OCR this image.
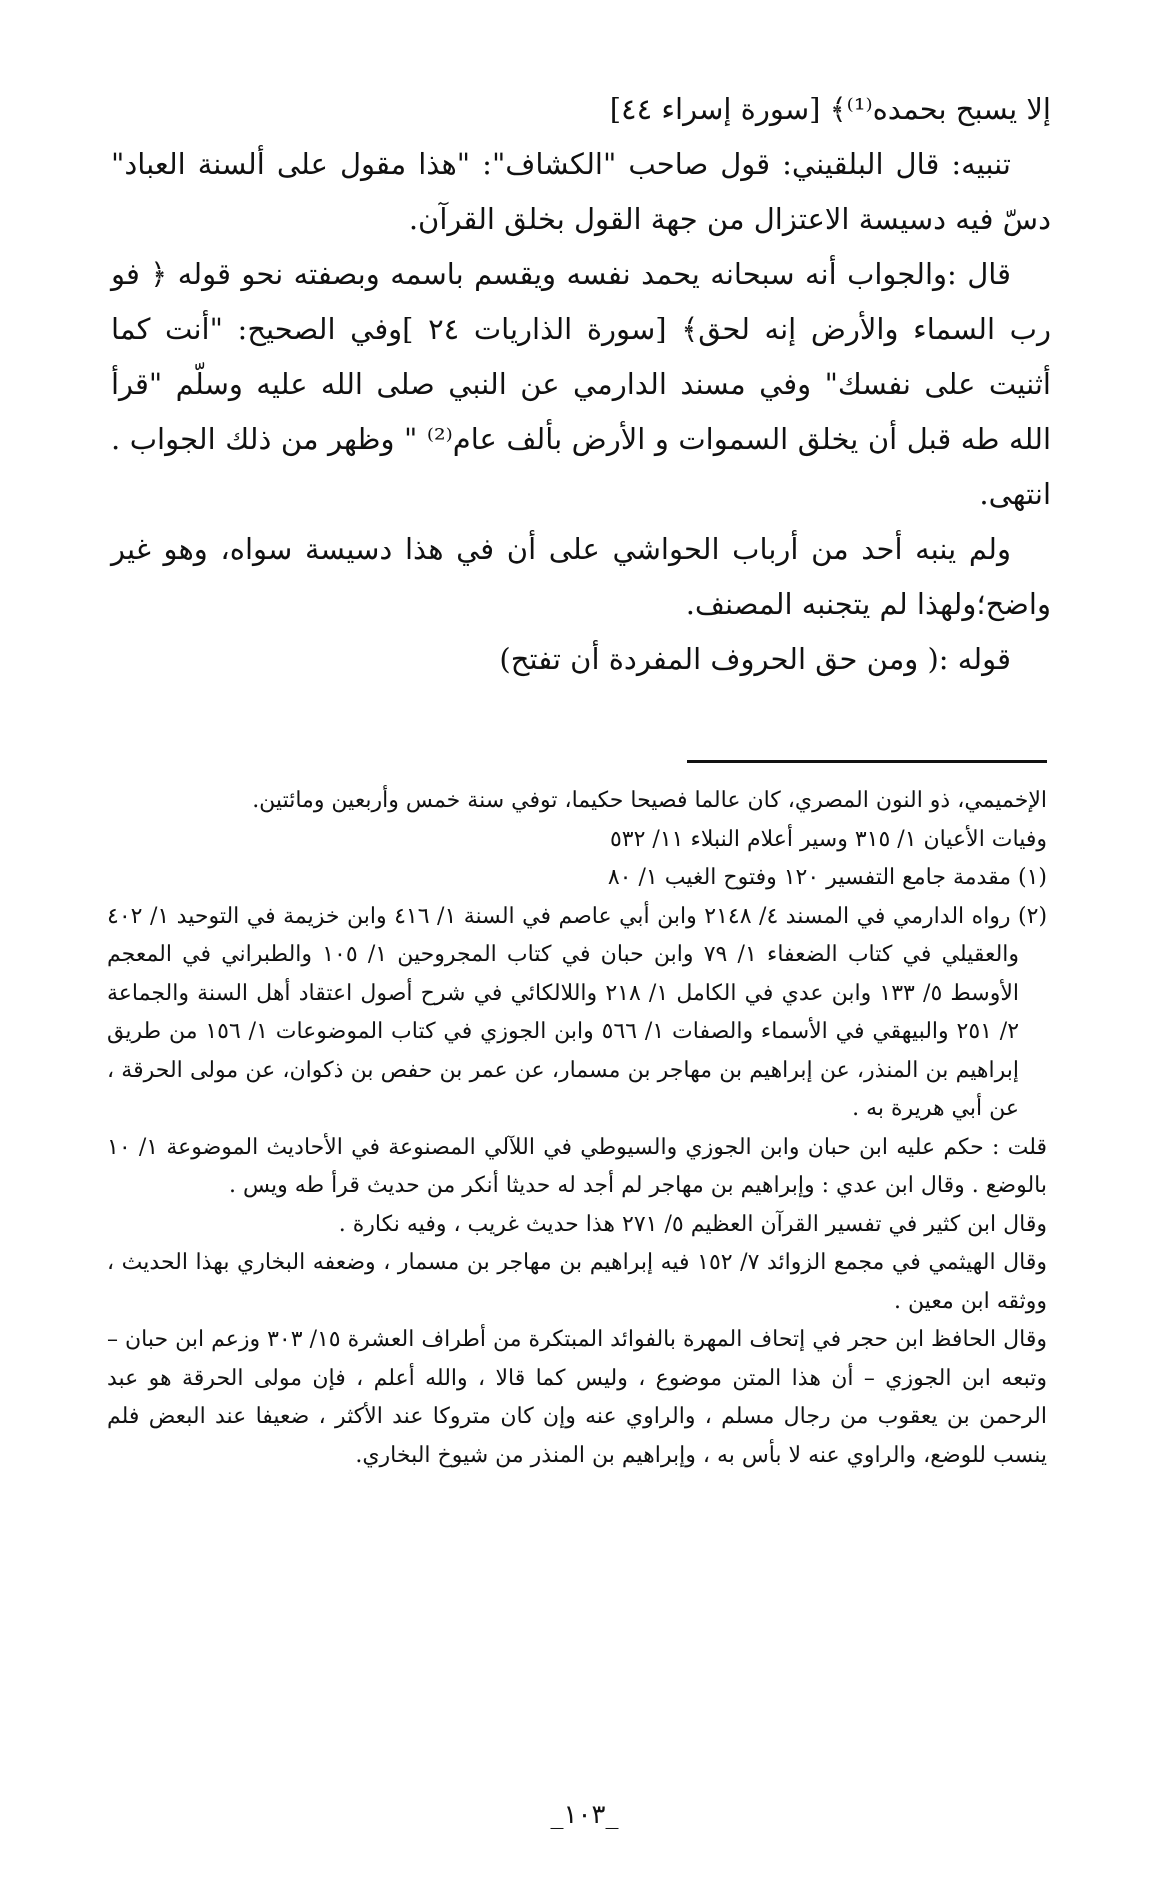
إلا يسبح بحمده⁽¹⁾﴾ [سورة إسراء ٤٤]

تنبيه: قال البلقيني: قول صاحب "الكشاف": "هذا مقول على ألسنة العباد" دسّ فيه دسيسة الاعتزال من جهة القول بخلق القرآن.

قال :والجواب أنه سبحانه يحمد نفسه ويقسم باسمه وبصفته نحو قوله ﴿ فو رب السماء والأرض إنه لحق﴾ [سورة الذاريات ٢٤ ]وفي الصحيح: "أنت كما أثنيت على نفسك" وفي مسند الدارمي عن النبي صلى الله عليه وسلّم "قرأ الله طه قبل أن يخلق السموات و الأرض بألف عام⁽²⁾ " وظهر من ذلك الجواب . انتهى.

ولم ينبه أحد من أرباب الحواشي على أن في هذا دسيسة سواه، وهو غير واضح؛ولهذا لم يتجنبه المصنف.

قوله :( ومن حق الحروف المفردة أن تفتح)

الإخميمي، ذو النون المصري، كان عالما فصيحا حكيما، توفي سنة خمس وأربعين ومائتين.

وفيات الأعيان ١/ ٣١٥ وسير أعلام النبلاء ١١/ ٥٣٢

(١) مقدمة جامع التفسير ١٢٠ وفتوح الغيب ١/ ٨٠

(٢) رواه الدارمي في المسند ٤/ ٢١٤٨ وابن أبي عاصم في السنة ١/ ٤١٦ وابن خزيمة في التوحيد ١/ ٤٠٢ والعقيلي في كتاب الضعفاء ١/ ٧٩ وابن حبان في كتاب المجروحين ١/ ١٠٥ والطبراني في المعجم الأوسط ٥/ ١٣٣ وابن عدي في الكامل ١/ ٢١٨ واللالكائي في شرح أصول اعتقاد أهل السنة والجماعة ٢/ ٢٥١ والبيهقي في الأسماء والصفات ١/ ٥٦٦ وابن الجوزي في كتاب الموضوعات ١/ ١٥٦ من طريق إبراهيم بن المنذر، عن إبراهيم بن مهاجر بن مسمار، عن عمر بن حفص بن ذكوان، عن مولى الحرقة ، عن أبي هريرة به .

قلت : حكم عليه ابن حبان وابن الجوزي والسيوطي في اللآلي المصنوعة في الأحاديث الموضوعة ١/ ١٠ بالوضع . وقال ابن عدي : وإبراهيم بن مهاجر لم أجد له حديثا أنكر من حديث قرأ طه ويس .

وقال ابن كثير في تفسير القرآن العظيم ٥/ ٢٧١ هذا حديث غريب ، وفيه نكارة .

وقال الهيثمي في مجمع الزوائد ٧/ ١٥٢ فيه إبراهيم بن مهاجر بن مسمار ، وضعفه البخاري بهذا الحديث ، ووثقه ابن معين .

وقال الحافظ ابن حجر في إتحاف المهرة بالفوائد المبتكرة من أطراف العشرة ١٥/ ٣٠٣ وزعم ابن حبان – وتبعه ابن الجوزي – أن هذا المتن موضوع ، وليس كما قالا ، والله أعلم ، فإن مولى الحرقة هو عبد الرحمن بن يعقوب من رجال مسلم ، والراوي عنه وإن كان متروكا عند الأكثر ، ضعيفا عند البعض فلم ينسب للوضع، والراوي عنه لا بأس به ، وإبراهيم بن المنذر من شيوخ البخاري.

_١٠٣_
